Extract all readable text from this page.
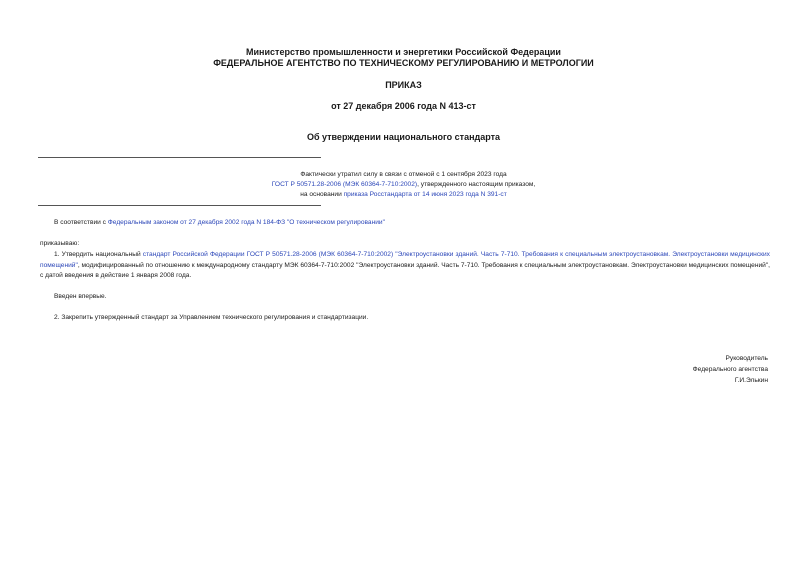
Министерство промышленности и энергетики Российской Федерации
ФЕДЕРАЛЬНОЕ АГЕНТСТВО ПО ТЕХНИЧЕСКОМУ РЕГУЛИРОВАНИЮ И МЕТРОЛОГИИ
ПРИКАЗ
от 27 декабря 2006 года N 413-ст
Об утверждении национального стандарта
Фактически утратил силу в связи с отменой с 1 сентября 2023 года
ГОСТ Р 50571.28-2006 (МЭК 60364-7-710:2002), утвержденного настоящим приказом,
на основании приказа Росстандарта от 14 июня 2023 года N 391-ст
В соответствии с Федеральным законом от 27 декабря 2002 года N 184-ФЗ "О техническом регулировании"
приказываю:
1. Утвердить национальный стандарт Российской Федерации ГОСТ Р 50571.28-2006 (МЭК 60364-7-710:2002) "Электроустановки зданий. Часть 7-710. Требования к специальным электроустановкам. Электроустановки медицинских помещений", модифицированный по отношению к международному стандарту МЭК 60364-7-710:2002 "Электроустановки зданий. Часть 7-710. Требования к специальным электроустановкам. Электроустановки медицинских помещений", с датой введения в действие 1 января 2008 года.
Введен впервые.
2. Закрепить утвержденный стандарт за Управлением технического регулирования и стандартизации.
Руководитель
Федерального агентства
Г.И.Элькин
